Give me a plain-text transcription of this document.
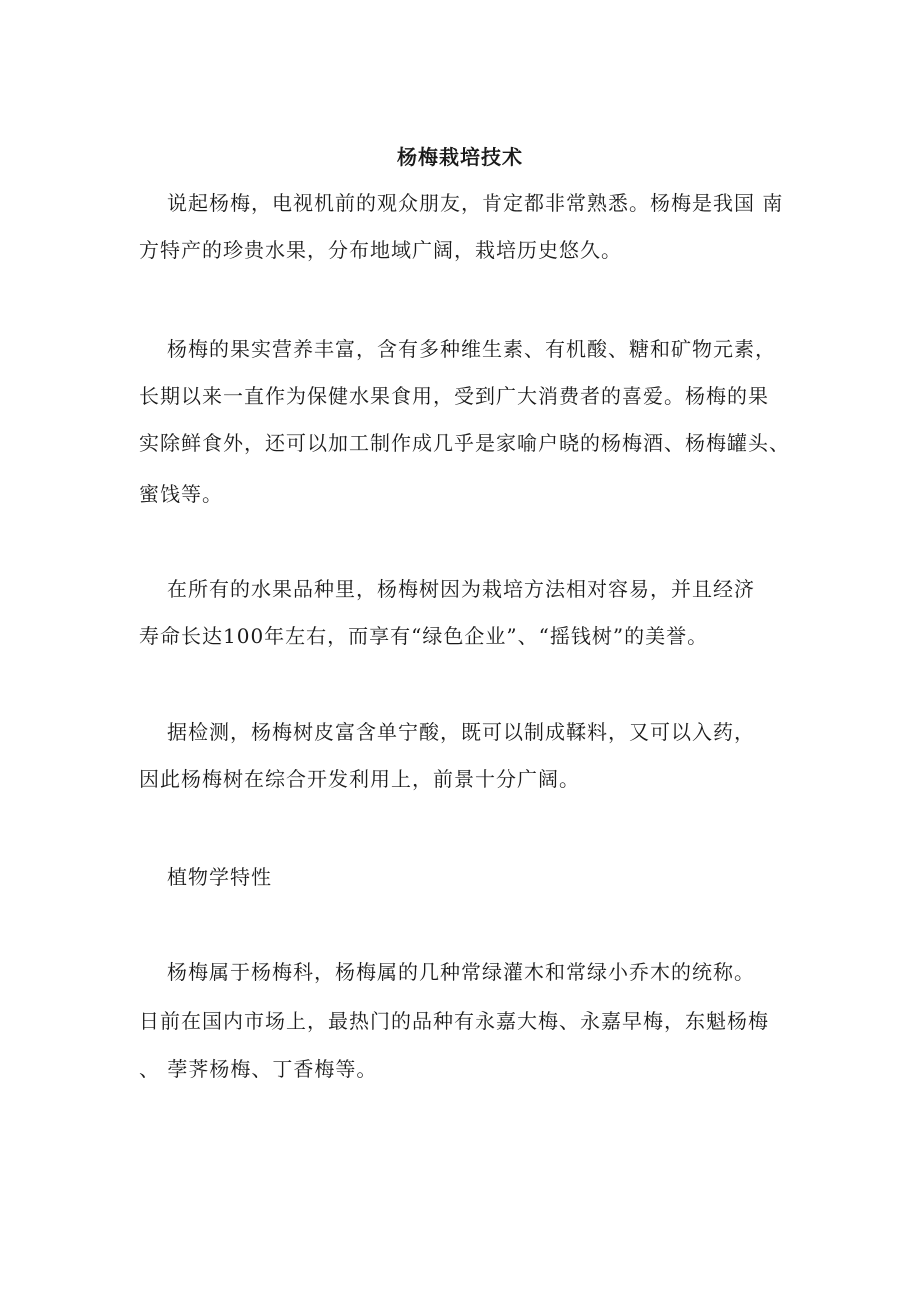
杨梅栽培技术
说起杨梅，电视机前的观众朋友，肯定都非常熟悉。杨梅是我国 南
方特产的珍贵水果，分布地域广阔，栽培历史悠久。
杨梅的果实营养丰富，含有多种维生素、有机酸、糖和矿物元素，
长期以来一直作为保健水果食用，受到广大消费者的喜爱。杨梅的果
实除鲜食外，还可以加工制作成几乎是家喻户晓的杨梅酒、杨梅罐头、
蜜饯等。
在所有的水果品种里，杨梅树因为栽培方法相对容易，并且经济
寿命长达100年左右，而享有“绿色企业”、“摇钱树”的美誉。
据检测，杨梅树皮富含单宁酸，既可以制成鞣料，又可以入药，
因此杨梅树在综合开发利用上，前景十分广阔。
植物学特性
杨梅属于杨梅科，杨梅属的几种常绿灌木和常绿小乔木的统称。
日前在国内市场上，最热门的品种有永嘉大梅、永嘉早梅，东魁杨梅
、 荸荠杨梅、丁香梅等。
